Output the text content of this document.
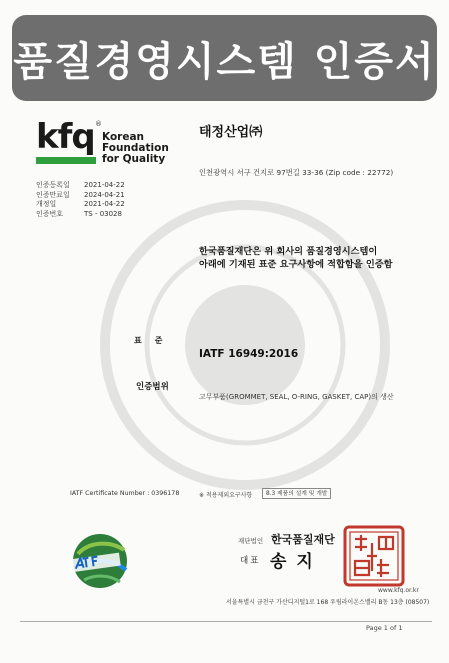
품질경영시스템 인증서
kfq ®
Korean
Foundation
for Quality
인증등록일	2021-04-22
인증만료일	2024-04-21
개정일	2021-04-22
인증번호	TS - 03028
태정산업㈜
인천광역시 서구 건지로 97번길 33-36 (Zip code : 22772)
한국품질재단은 위 회사의 품질경영시스템이
아래에 기재된 표준 요구사항에 적합함을 인증함
표준
IATF 16949:2016
인증범위
고무부품(GROMMET, SEAL, O-RING, GASKET, CAP)의 생산
IATF Certificate Number : 0396178	※ 적용제외요구사항	8.3 제품의 설계 및 개발
재단법인 한국품질재단
대표 송지
www.kfq.or.kr
서울특별시 금천구 가산디지털1로 168 우림라이온스밸리 B동 13층 (08507)
Page 1 of 1
